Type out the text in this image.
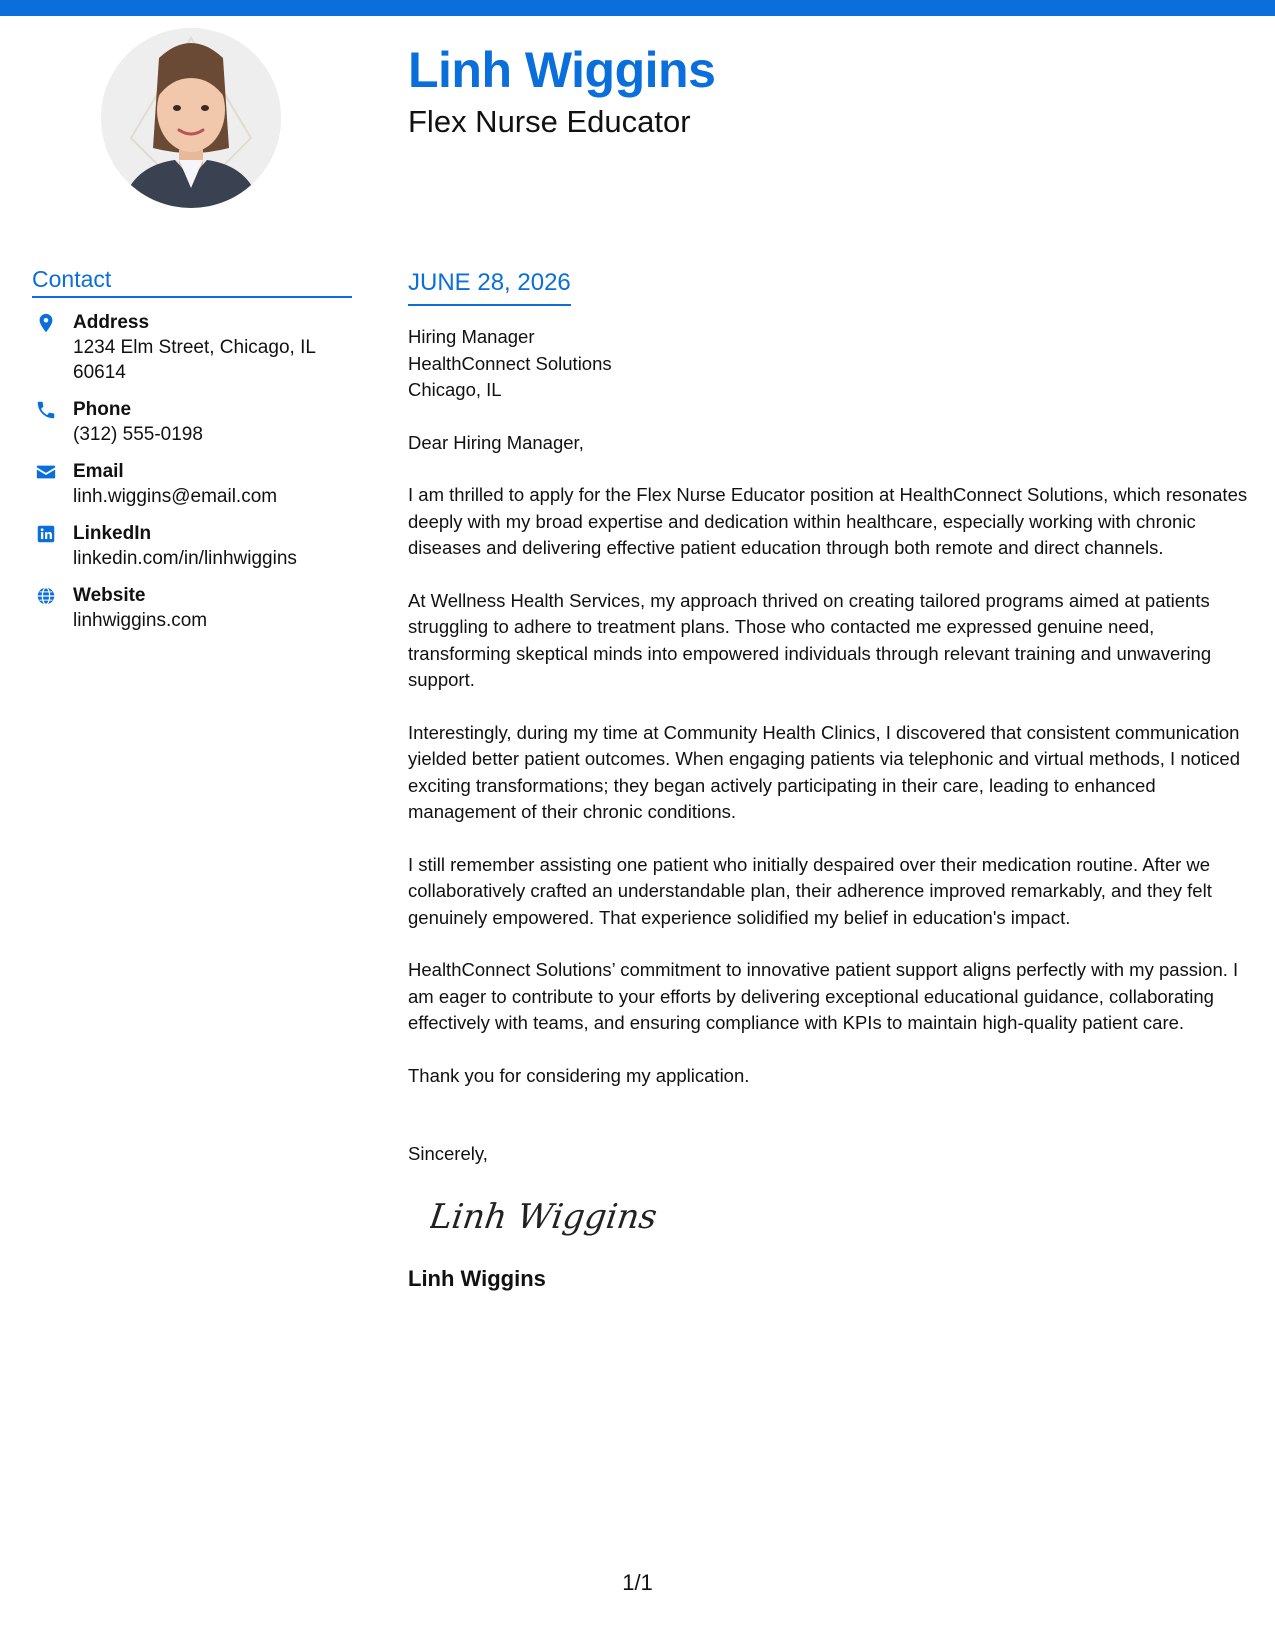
Linh Wiggins
Flex Nurse Educator
Contact
Address
1234 Elm Street, Chicago, IL 60614
Phone
(312) 555-0198
Email
linh.wiggins@email.com
LinkedIn
linkedin.com/in/linhwiggins
Website
linhwiggins.com
JUNE 28, 2026
Hiring Manager
HealthConnect Solutions
Chicago, IL
Dear Hiring Manager,

I am thrilled to apply for the Flex Nurse Educator position at HealthConnect Solutions, which resonates deeply with my broad expertise and dedication within healthcare, especially working with chronic diseases and delivering effective patient education through both remote and direct channels.

At Wellness Health Services, my approach thrived on creating tailored programs aimed at patients struggling to adhere to treatment plans. Those who contacted me expressed genuine need, transforming skeptical minds into empowered individuals through relevant training and unwavering support.

Interestingly, during my time at Community Health Clinics, I discovered that consistent communication yielded better patient outcomes. When engaging patients via telephonic and virtual methods, I noticed exciting transformations; they began actively participating in their care, leading to enhanced management of their chronic conditions.

I still remember assisting one patient who initially despaired over their medication routine. After we collaboratively crafted an understandable plan, their adherence improved remarkably, and they felt genuinely empowered. That experience solidified my belief in education's impact.

HealthConnect Solutions’ commitment to innovative patient support aligns perfectly with my passion. I am eager to contribute to your efforts by delivering exceptional educational guidance, collaborating effectively with teams, and ensuring compliance with KPIs to maintain high-quality patient care.

Thank you for considering my application.

Sincerely,
Linh Wiggins
Linh Wiggins
1/1
